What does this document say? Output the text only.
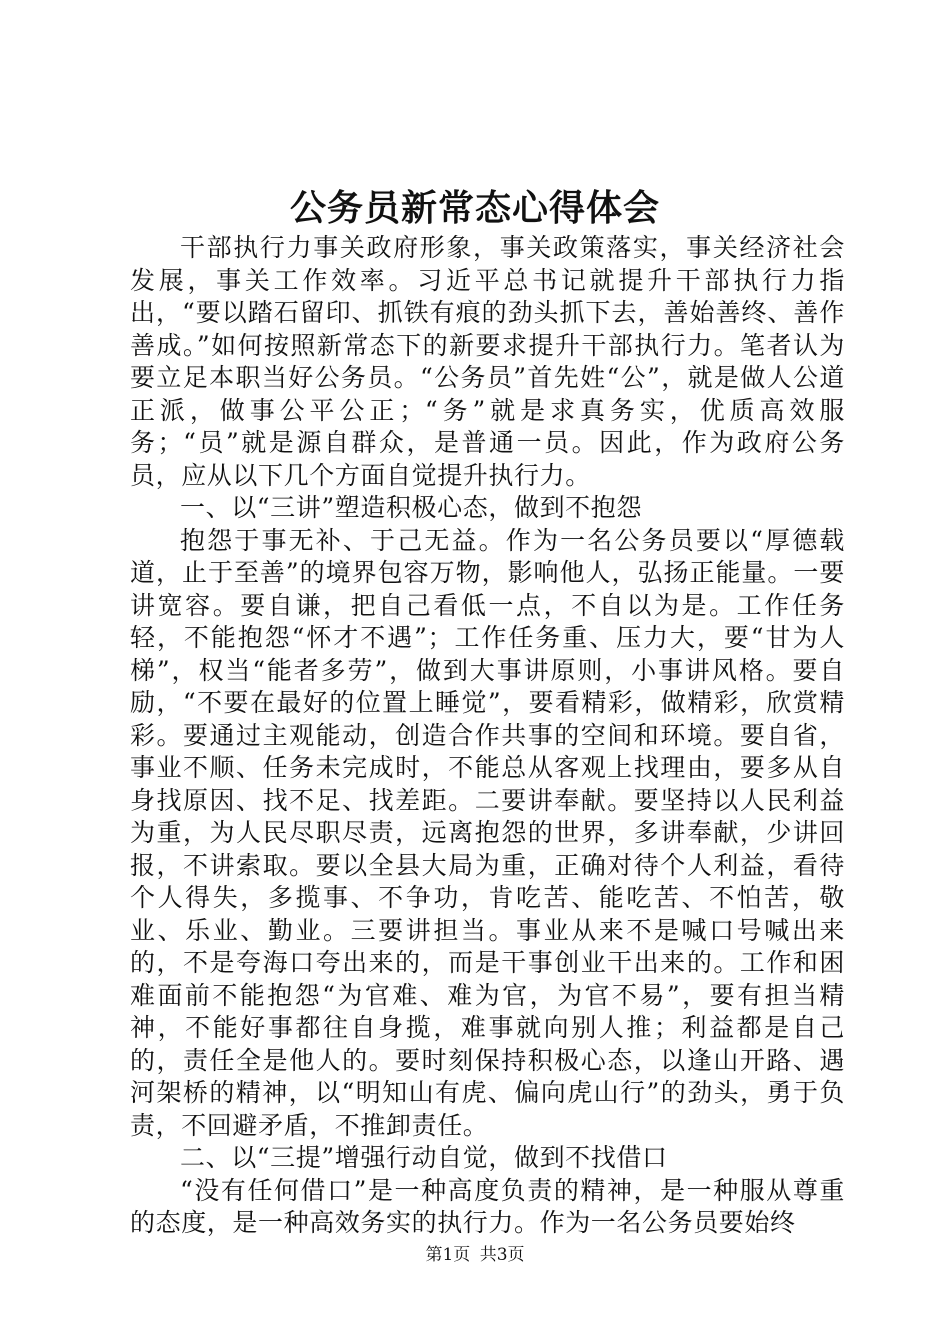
公务员新常态心得体会

干部执行力事关政府形象，事关政策落实，事关经济社会发展，事关工作效率。习近平总书记就提升干部执行力指出，“要以踏石留印、抓铁有痕的劲头抓下去，善始善终、善作善成。”如何按照新常态下的新要求提升干部执行力。笔者认为要立足本职当好公务员。“公务员”首先姓“公”，就是做人公道正派，做事公平公正；“务”就是求真务实，优质高效服务；“员”就是源自群众，是普通一员。因此，作为政府公务员，应从以下几个方面自觉提升执行力。

一、以“三讲”塑造积极心态，做到不抱怨

抱怨于事无补、于己无益。作为一名公务员要以“厚德载道，止于至善”的境界包容万物，影响他人，弘扬正能量。一要讲宽容。要自谦，把自己看低一点，不自以为是。工作任务轻，不能抱怨“怀才不遇”；工作任务重、压力大，要“甘为人梯”，权当“能者多劳”，做到大事讲原则，小事讲风格。要自励，“不要在最好的位置上睡觉”，要看精彩，做精彩，欣赏精彩。要通过主观能动，创造合作共事的空间和环境。要自省，事业不顺、任务未完成时，不能总从客观上找理由，要多从自身找原因、找不足、找差距。二要讲奉献。要坚持以人民利益为重，为人民尽职尽责，远离抱怨的世界，多讲奉献，少讲回报，不讲索取。要以全县大局为重，正确对待个人利益，看待个人得失，多揽事、不争功，肯吃苦、能吃苦、不怕苦，敬业、乐业、勤业。三要讲担当。事业从来不是喊口号喊出来的，不是夸海口夸出来的，而是干事创业干出来的。工作和困难面前不能抱怨“为官难、难为官，为官不易”，要有担当精神，不能好事都往自身揽，难事就向别人推；利益都是自己的，责任全是他人的。要时刻保持积极心态，以逢山开路、遇河架桥的精神，以“明知山有虎、偏向虎山行”的劲头，勇于负责，不回避矛盾，不推卸责任。

二、以“三提”增强行动自觉，做到不找借口

“没有任何借口”是一种高度负责的精神，是一种服从尊重的态度，是一种高效务实的执行力。作为一名公务员要始终

第1页 共3页
